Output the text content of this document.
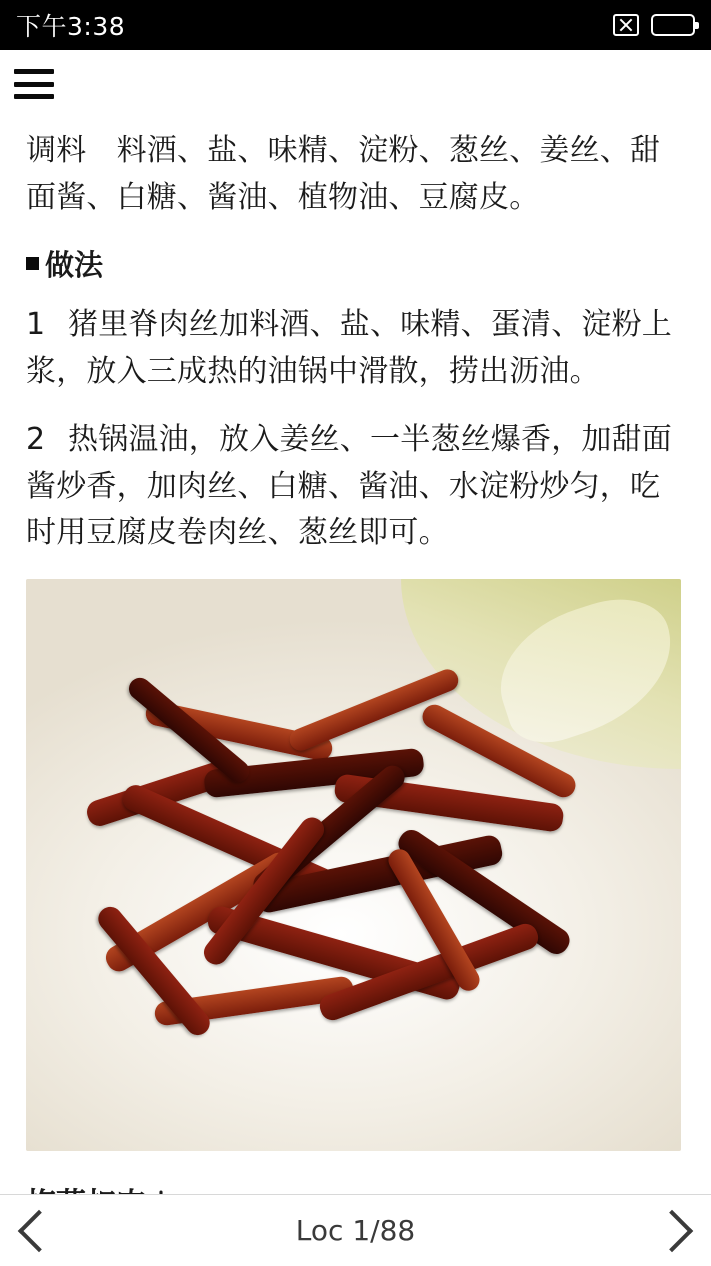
下午3:38

调料　料酒、盐、味精、淀粉、葱丝、姜丝、甜面酱、白糖、酱油、植物油、豆腐皮。

做法

1 猪里脊肉丝加料酒、盐、味精、蛋清、淀粉上浆，放入三成热的油锅中滑散，捞出沥油。

2 热锅温油，放入姜丝、一半葱丝爆香，加甜面酱炒香，加肉丝、白糖、酱油、水淀粉炒匀，吃时用豆腐皮卷肉丝、葱丝即可。

Loc 1/88
